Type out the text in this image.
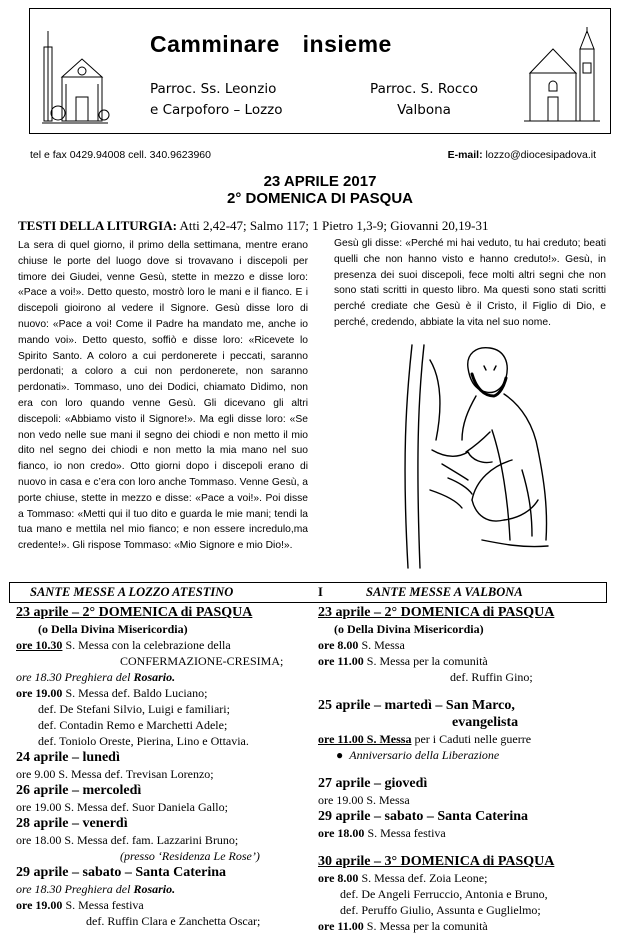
Camminare insieme
Parroc. Ss. Leonzio
e Carpoforo – Lozzo
Parroc. S. Rocco
Valbona
tel e fax 0429.94008 cell. 340.9623960	E-mail: lozzo@diocesipadova.it
23 APRILE 2017
2° DOMENICA DI PASQUA
TESTI DELLA LITURGIA: Atti 2,42-47; Salmo 117; 1 Pietro 1,3-9; Giovanni 20,19-31
La sera di quel giorno, il primo della settimana, mentre erano chiuse le porte del luogo dove si trovavano i discepoli per timore dei Giudei, venne Gesù, stette in mezzo e disse loro: «Pace a voi!». Detto questo, mostrò loro le mani e il fianco. E i discepoli gioirono al vedere il Signore. Gesù disse loro di nuovo: «Pace a voi! Come il Padre ha mandato me, anche io mando voi». Detto questo, soffiò e disse loro: «Ricevete lo Spirito Santo. A coloro a cui perdonerete i peccati, saranno perdonati; a coloro a cui non perdonerete, non saranno perdonati». Tommaso, uno dei Dodici, chiamato Dìdimo, non era con loro quando venne Gesù. Gli dicevano gli altri discepoli: «Abbiamo visto il Signore!». Ma egli disse loro: «Se non vedo nelle sue mani il segno dei chiodi e non metto il mio dito nel segno dei chiodi e non metto la mia mano nel suo fianco, io non credo». Otto giorni dopo i discepoli erano di nuovo in casa e c’era con loro anche Tommaso. Venne Gesù, a porte chiuse, stette in mezzo e disse: «Pace a voi!». Poi disse a Tommaso: «Metti qui il tuo dito e guarda le mie mani; tendi la tua mano e mettila nel mio fianco; e non essere incredulo,ma credente!». Gli rispose Tommaso: «Mio Signore e mio Dio!».
Gesù gli disse: «Perché mi hai veduto, tu hai creduto; beati quelli che non hanno visto e hanno creduto!». Gesù, in presenza dei suoi discepoli, fece molti altri segni che non sono stati scritti in questo libro. Ma questi sono stati scritti perché crediate che Gesù è il Cristo, il Figlio di Dio, e perché, credendo, abbiate la vita nel suo nome.
SANTE MESSE A LOZZO ATESTINO	I	SANTE MESSE A VALBONA
23 aprile – 2° DOMENICA di PASQUA
(o Della Divina Misericordia)
ore 10.30 S. Messa con la celebrazione della
CONFERMAZIONE-CRESIMA;
ore 18.30 Preghiera del Rosario.
ore 19.00 S. Messa def. Baldo Luciano;
def. De Stefani Silvio, Luigi e familiari;
def. Contadin Remo e Marchetti Adele;
def. Toniolo Oreste, Pierina, Lino e Ottavia.
24 aprile – lunedì
ore 9.00 S. Messa def. Trevisan Lorenzo;
26 aprile – mercoledì
ore 19.00 S. Messa def. Suor Daniela Gallo;
28 aprile – venerdì
ore 18.00 S. Messa def. fam. Lazzarini Bruno;
(presso ‘Residenza Le Rose’)
29 aprile – sabato – Santa Caterina
ore 18.30 Preghiera del Rosario.
ore 19.00 S. Messa festiva
def. Ruffin Clara e Zanchetta Oscar;
23 aprile – 2° DOMENICA di PASQUA
(o Della Divina Misericordia)
ore 8.00 S. Messa
ore 11.00 S. Messa per la comunità
def. Ruffin Gino;
25 aprile – martedì – San Marco,
evangelista
ore 11.00 S. Messa per i Caduti nelle guerre
●  Anniversario della Liberazione
27 aprile – giovedì
ore 19.00 S. Messa
29 aprile – sabato – Santa Caterina
ore 18.00 S. Messa festiva
30 aprile – 3° DOMENICA di PASQUA
ore 8.00 S. Messa def. Zoia Leone;
def. De Angeli Ferruccio, Antonia e Bruno,
def. Peruffo Giulio, Assunta e Guglielmo;
ore 11.00 S. Messa per la comunità
